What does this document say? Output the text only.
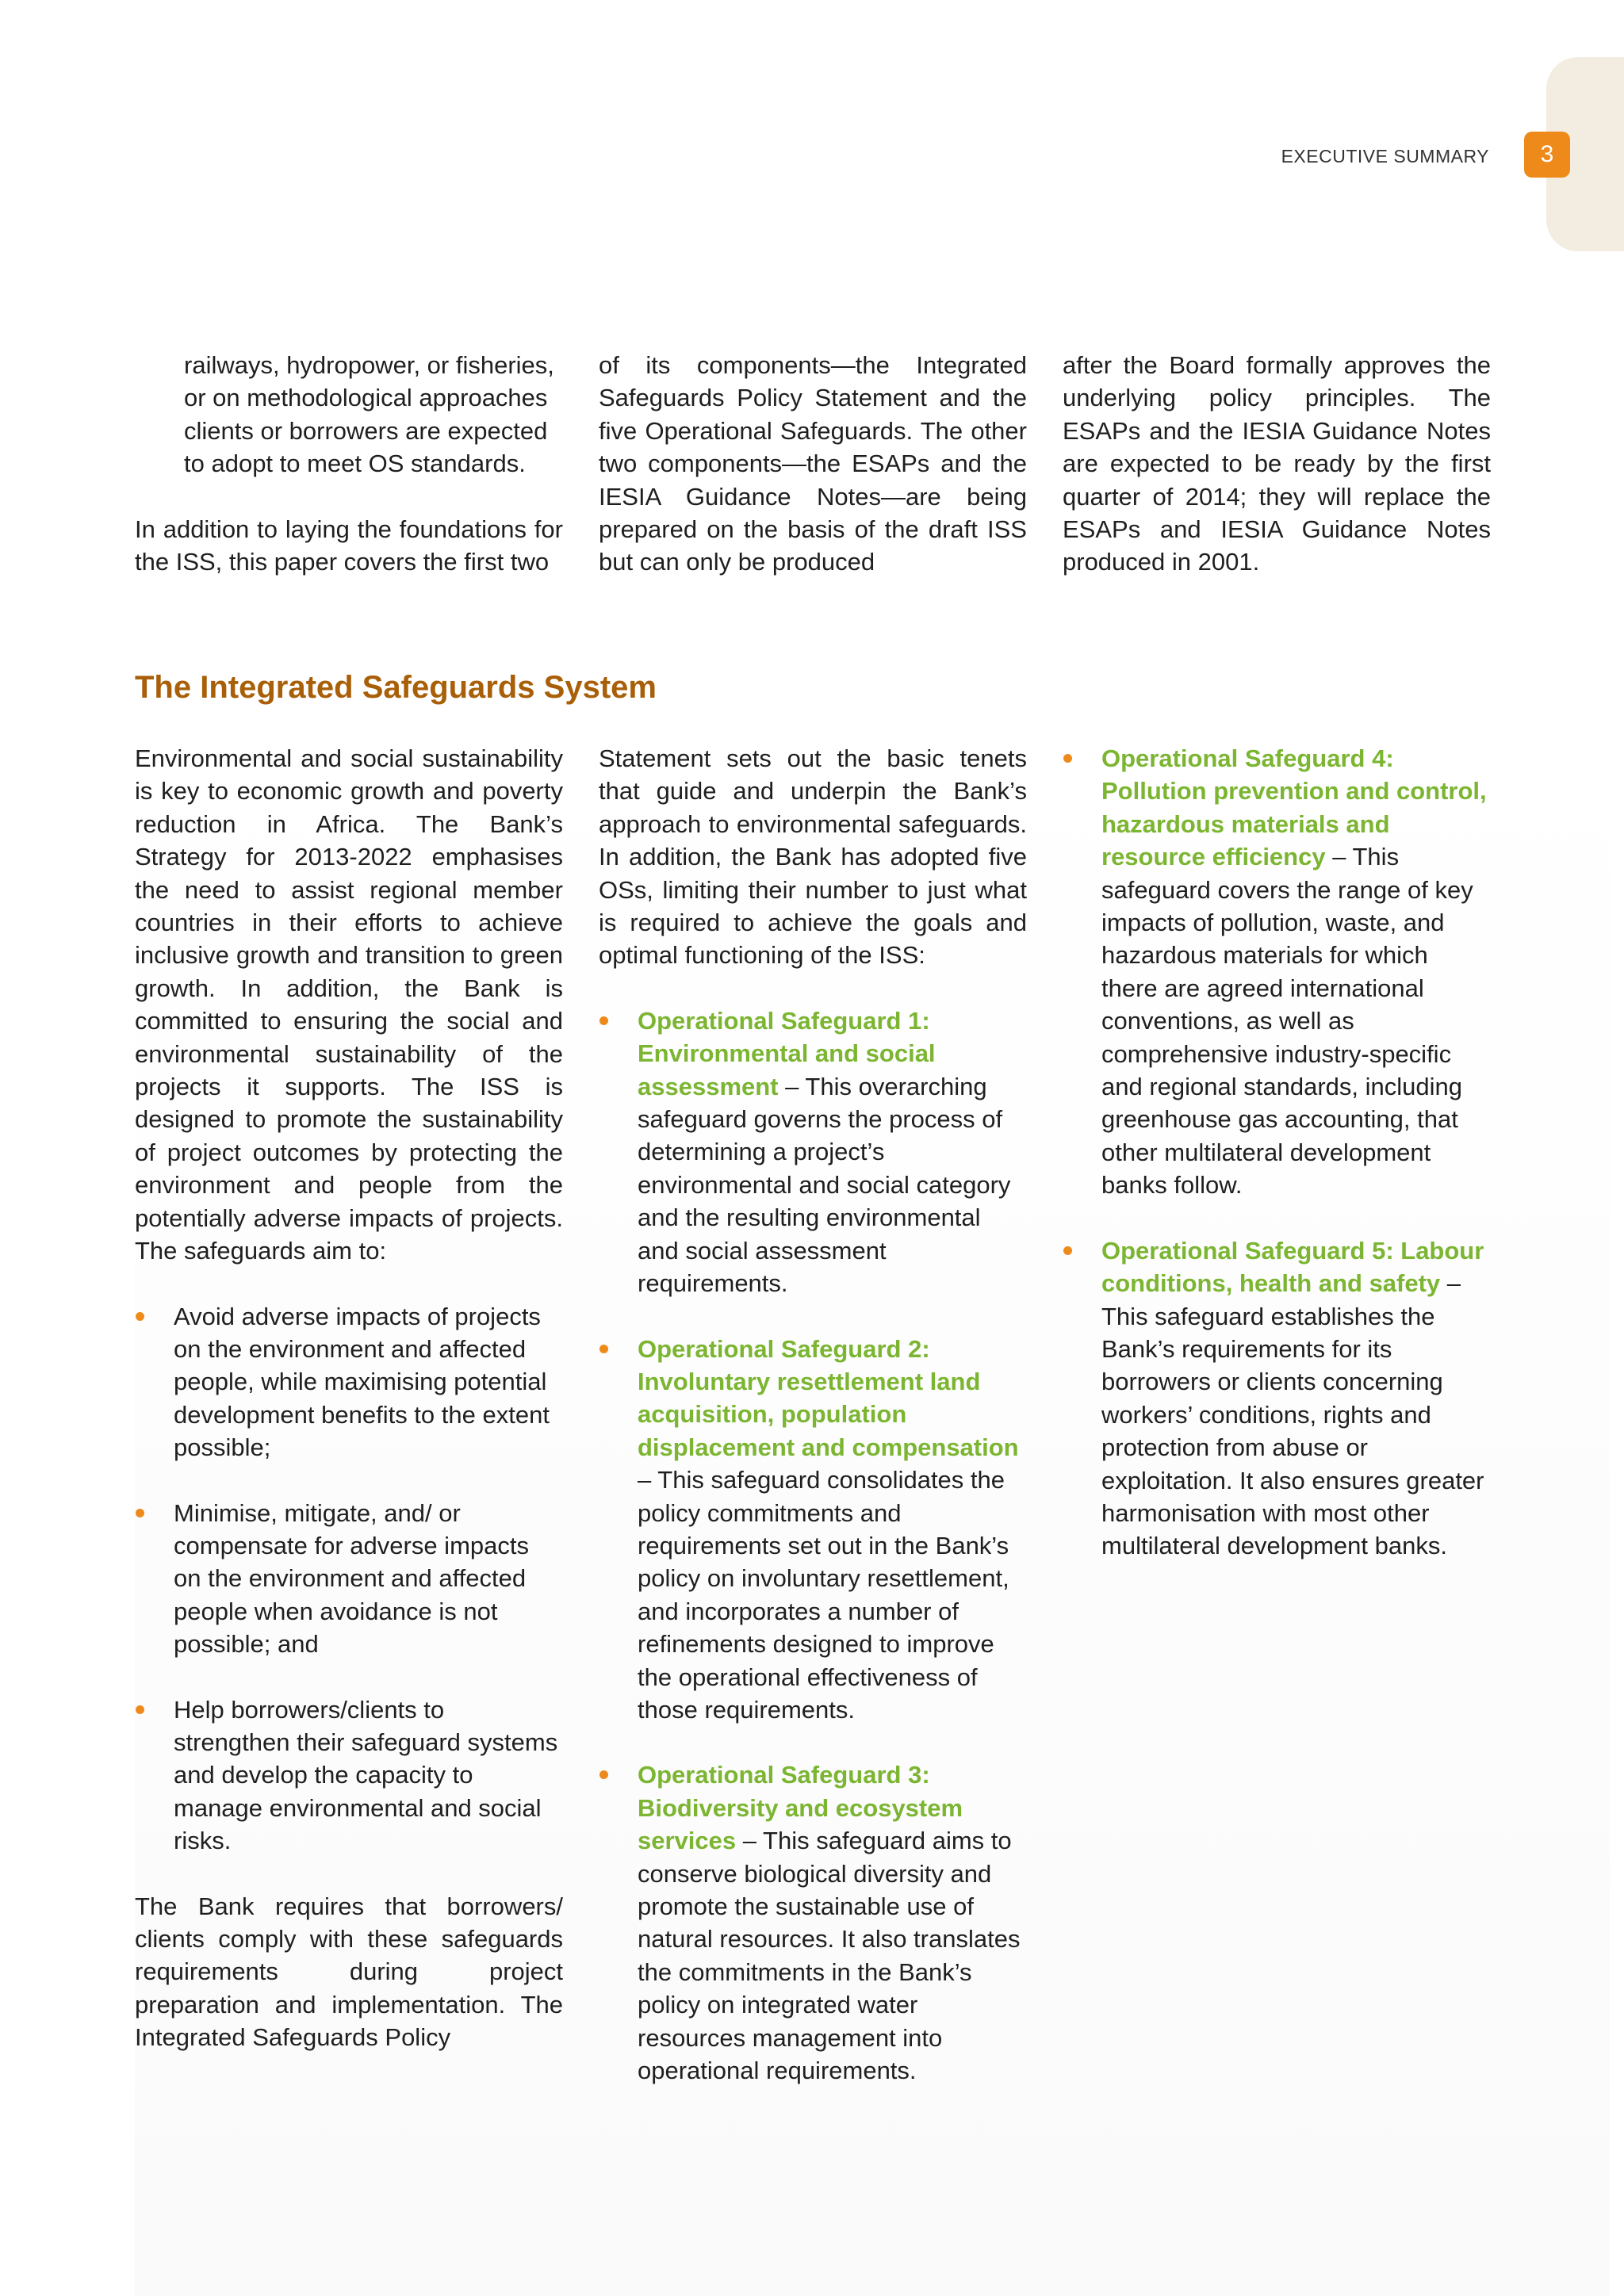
EXECUTIVE SUMMARY	3

railways, hydropower, or fisheries, or on methodological approaches clients or borrowers are expected to adopt to meet OS standards.

In addition to laying the foundations for the ISS, this paper covers the first two

of its components—the Integrated Safeguards Policy Statement and the five Operational Safeguards. The other two components—the ESAPs and the IESIA Guidance Notes—are being prepared on the basis of the draft ISS but can only be produced

after the Board formally approves the underlying policy principles. The ESAPs and the IESIA Guidance Notes are expected to be ready by the first quarter of 2014; they will replace the ESAPs and IESIA Guidance Notes produced in 2001.

The Integrated Safeguards System

Environmental and social sustainability is key to economic growth and poverty reduction in Africa. The Bank’s Strategy for 2013-2022 emphasises the need to assist regional member countries in their efforts to achieve inclusive growth and transition to green growth. In addition, the Bank is committed to ensuring the social and environmental sustainability of the projects it supports. The ISS is designed to promote the sustainability of project outcomes by protecting the environment and people from the potentially adverse impacts of projects. The safeguards aim to:

Avoid adverse impacts of projects on the environment and affected people, while maximising potential development benefits to the extent possible;
Minimise, mitigate, and/ or compensate for adverse impacts on the environment and affected people when avoidance is not possible; and
Help borrowers/clients to strengthen their safeguard systems and develop the capacity to manage environmental and social risks.

The Bank requires that borrowers/ clients comply with these safeguards requirements during project preparation and implementation. The Integrated Safeguards Policy

Statement sets out the basic tenets that guide and underpin the Bank’s approach to environmental safeguards. In addition, the Bank has adopted five OSs, limiting their number to just what is required to achieve the goals and optimal functioning of the ISS:

Operational Safeguard 1: Environmental and social assessment – This overarching safeguard governs the process of determining a project’s environmental and social category and the resulting environmental and social assessment requirements.
Operational Safeguard 2: Involuntary resettlement land acquisition, population displacement and compensation – This safeguard consolidates the policy commitments and requirements set out in the Bank’s policy on involuntary resettlement, and incorporates a number of refinements designed to improve the operational effectiveness of those requirements.
Operational Safeguard 3: Biodiversity and ecosystem services – This safeguard aims to conserve biological diversity and promote the sustainable use of natural resources. It also translates the commitments in the Bank’s policy on integrated water resources management into operational requirements.
Operational Safeguard 4: Pollution prevention and control, hazardous materials and resource efficiency – This safeguard covers the range of key impacts of pollution, waste, and hazardous materials for which there are agreed international conventions, as well as comprehensive industry-specific and regional standards, including greenhouse gas accounting, that other multilateral development banks follow.
Operational Safeguard 5: Labour conditions, health and safety – This safeguard establishes the Bank’s requirements for its borrowers or clients concerning workers’ conditions, rights and protection from abuse or exploitation. It also ensures greater harmonisation with most other multilateral development banks.
